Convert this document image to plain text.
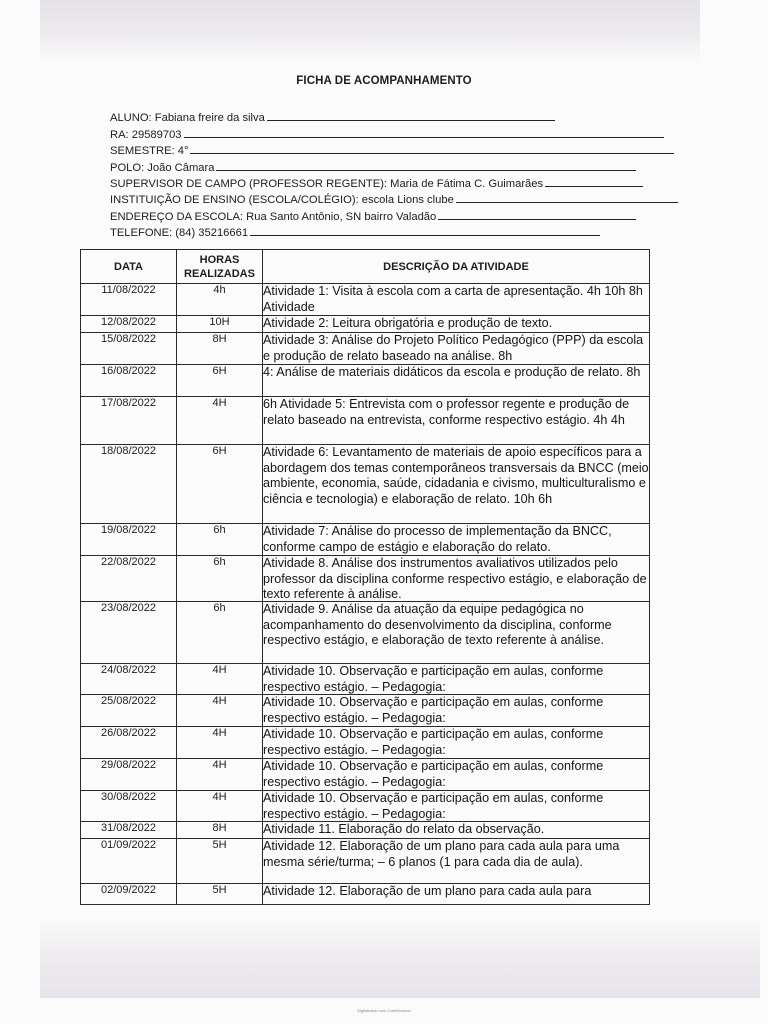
FICHA DE ACOMPANHAMENTO
ALUNO: Fabiana freire da silva
RA: 29589703
SEMESTRE: 4°
POLO: João Câmara
SUPERVISOR DE CAMPO (PROFESSOR REGENTE): Maria de Fátima C. Guimarães
INSTITUIÇÃO DE ENSINO (ESCOLA/COLÉGIO): escola Lions clube
ENDEREÇO DA ESCOLA: Rua Santo Antônio, SN bairro Valadão
TELEFONE: (84) 35216661
DATA	HORAS REALIZADAS	DESCRIÇÃO DA ATIVIDADE
11/08/2022	4h	Atividade 1: Visita à escola com a carta de apresentação. 4h 10h 8h Atividade

12/08/2022	10H	Atividade 2: Leitura obrigatória e produção de texto.

15/08/2022	8H	Atividade 3: Análise do Projeto Político Pedagógico (PPP) da escola e produção de relato baseado na análise. 8h

16/08/2022	6H	4: Análise de materiais didáticos da escola e produção de relato. 8h

17/08/2022	4H	6h Atividade 5: Entrevista com o professor regente e produção de relato baseado na entrevista, conforme respectivo estágio. 4h 4h

18/08/2022	6H	Atividade 6: Levantamento de materiais de apoio específicos para a abordagem dos temas contemporâneos transversais da BNCC (meio ambiente, economia, saúde, cidadania e civismo, multiculturalismo e ciência e tecnologia) e elaboração de relato. 10h 6h

19/08/2022	6h	Atividade 7: Análise do processo de implementação da BNCC, conforme campo de estágio e elaboração do relato.

22/08/2022	6h	Atividade 8. Análise dos instrumentos avaliativos utilizados pelo professor da disciplina conforme respectivo estágio, e elaboração de texto referente à análise.

23/08/2022	6h	Atividade 9. Análise da atuação da equipe pedagógica no acompanhamento do desenvolvimento da disciplina, conforme respectivo estágio, e elaboração de texto referente à análise.

24/08/2022	4H	Atividade 10. Observação e participação em aulas, conforme respectivo estágio. – Pedagogia:

25/08/2022	4H	Atividade 10. Observação e participação em aulas, conforme respectivo estágio. – Pedagogia:

26/08/2022	4H	Atividade 10. Observação e participação em aulas, conforme respectivo estágio. – Pedagogia:

29/08/2022	4H	Atividade 10. Observação e participação em aulas, conforme respectivo estágio. – Pedagogia:

30/08/2022	4H	Atividade 10. Observação e participação em aulas, conforme respectivo estágio. – Pedagogia:

31/08/2022	8H	Atividade 11. Elaboração do relato da observação.

01/09/2022	5H	Atividade 12. Elaboração de um plano para cada aula para uma mesma série/turma; – 6 planos (1 para cada dia de aula).

02/09/2022	5H	Atividade 12. Elaboração de um plano para cada aula para
Digitalizado com CamScanner
